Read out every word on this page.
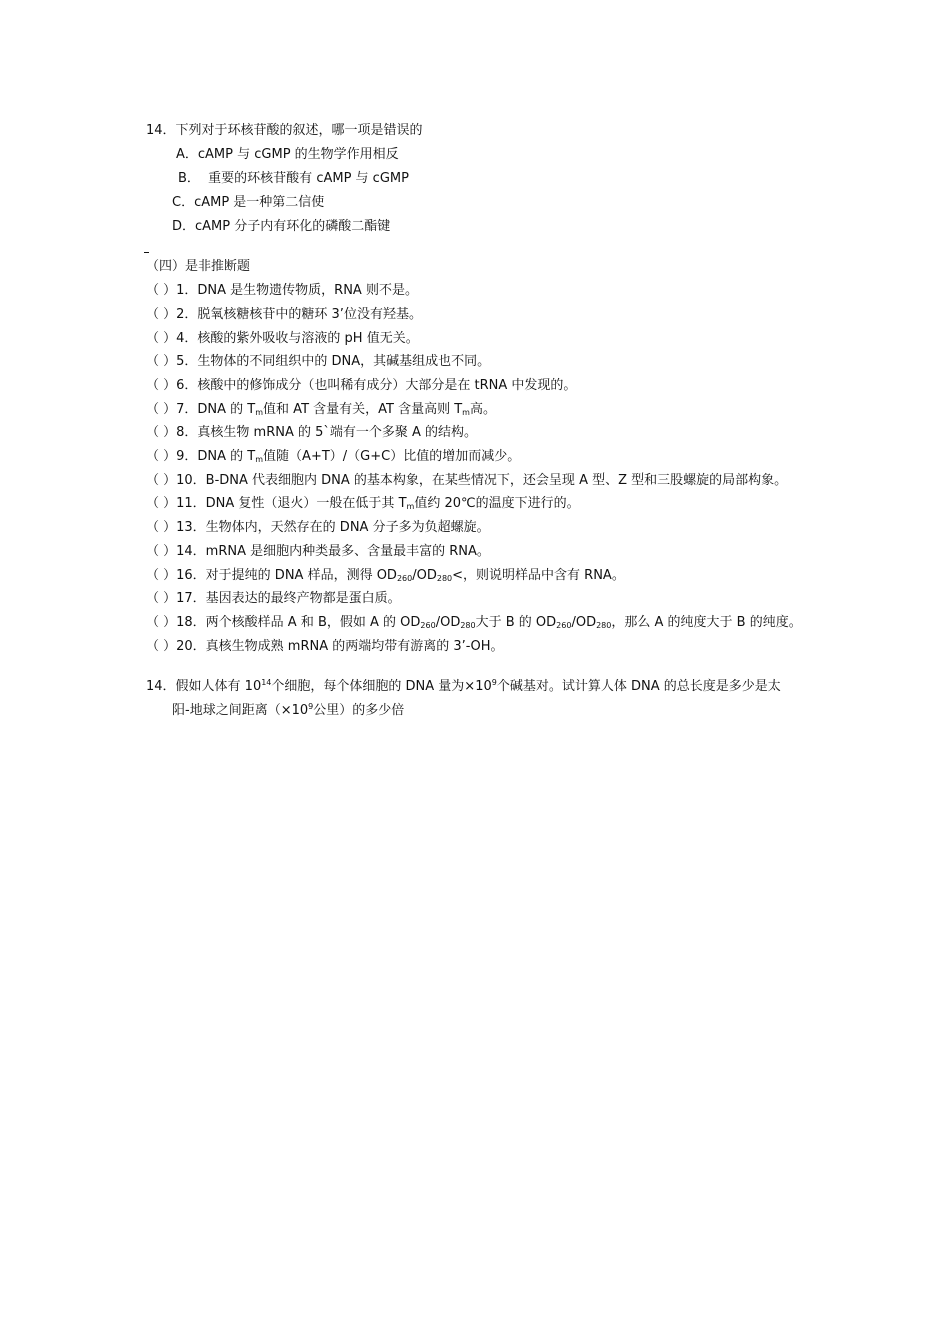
14．下列对于环核苷酸的叙述，哪一项是错误的
A．cAMP 与 cGMP 的生物学作用相反
B．  重要的环核苷酸有 cAMP 与 cGMP
C．cAMP 是一种第二信使
D．cAMP 分子内有环化的磷酸二酯键
（四）是非推断题
（ ）1．DNA 是生物遗传物质，RNA 则不是。
（ ）2．脱氧核糖核苷中的糖环 3’位没有羟基。
（ ）4．核酸的紫外吸收与溶液的 pH 值无关。
（ ）5．生物体的不同组织中的 DNA，其碱基组成也不同。
（ ）6．核酸中的修饰成分（也叫稀有成分）大部分是在 tRNA 中发现的。
（ ）7．DNA 的 $T_m$值和 AT 含量有关，AT 含量高则 $T_m$高。
（ ）8．真核生物 mRNA 的 5`端有一个多聚 A 的结构。
（ ）9．DNA 的 $T_m$值随（A+T）/（G+C）比值的增加而减少。
（ ）10．B-DNA 代表细胞内 DNA 的基本构象，在某些情况下，还会呈现 A 型、Z 型和三股螺旋的局部构象。
（ ）11．DNA 复性（退火）一般在低于其 $T_m$值约 20℃的温度下进行的。
（ ）13．生物体内，天然存在的 DNA 分子多为负超螺旋。
（ ）14．mRNA 是细胞内种类最多、含量最丰富的 RNA。
（ ）16．对于提纯的 DNA 样品，测得 $OD_{260}/OD_{280}<$，则说明样品中含有 RNA。
（ ）17．基因表达的最终产物都是蛋白质。
（ ）18．两个核酸样品 A 和 B，假如 A 的 $OD_{260}/OD_{280}$大于 B 的 $OD_{260}/OD_{280}$，那么 A 的纯度大于 B 的纯度。
（ ）20．真核生物成熟 mRNA 的两端均带有游离的 3’-OH。
14．假如人体有 $10^{14}$个细胞，每个体细胞的 DNA 量为$\times 10^9$个碱基对。试计算人体 DNA 的总长度是多少是太
阳-地球之间距离（$\times 10^9$公里）的多少倍
